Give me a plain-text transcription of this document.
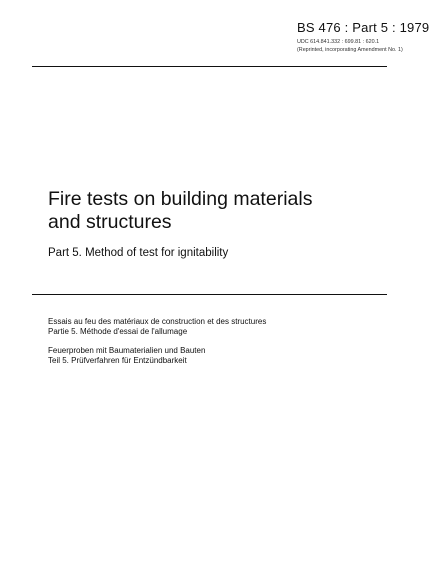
BS 476 : Part 5 : 1979
UDC 614.841.332 : 699.81 : 620.1
(Reprinted, incorporating Amendment No. 1)
Fire tests on building materials
and structures
Part 5. Method of test for ignitability
Essais au feu des matériaux de construction et des structures
Partie 5. Méthode d'essai de l'allumage
Feuerproben mit Baumaterialien und Bauten
Teil 5. Prüfverfahren für Entzündbarkeit
